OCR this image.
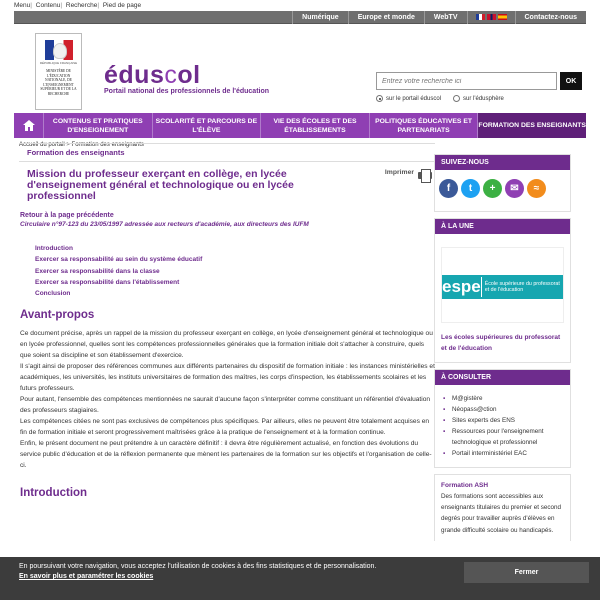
Menu| Contenu| Recherche| Pied de page
Numérique	Europe et monde	WebTV	Contactez-nous
RÉPUBLIQUE FRANÇAISE
MINISTÈRE DE L'ÉDUCATION NATIONALE, DE L'ENSEIGNEMENT SUPÉRIEUR ET DE LA RECHERCHE
éduscol
Portail national des professionnels de l'éducation
Entrez votre recherche ici
OK
sur le portail éduscol	sur l'édusphère
CONTENUS ET PRATIQUES D'ENSEIGNEMENT
SCOLARITÉ ET PARCOURS DE L'ÉLÈVE
VIE DES ÉCOLES ET DES ÉTABLISSEMENTS
POLITIQUES ÉDUCATIVES ET PARTENARIATS
FORMATION DES ENSEIGNANTS
Accueil du portail > Formation des enseignants
Formation des enseignants
Mission du professeur exerçant en collège, en lycée d'enseignement général et technologique ou en lycée professionnel
Imprimer
Retour à la page précédente
Circulaire n°97-123 du 23/05/1997 adressée aux recteurs d'académie, aux directeurs des IUFM
Introduction
Exercer sa responsabilité au sein du système éducatif
Exercer sa responsabilité dans la classe
Exercer sa responsabilité dans l'établissement
Conclusion
Avant-propos
Ce document précise, après un rappel de la mission du professeur exerçant en collège, en lycée d'enseignement général et technologique ou en lycée professionnel, quelles sont les compétences professionnelles générales que la formation initiale doit s'attacher à construire, quels que soient sa discipline et son établissement d'exercice.
Il s'agit ainsi de proposer des références communes aux différents partenaires du dispositif de formation initiale : les instances ministérielles et académiques, les universités, les instituts universitaires de formation des maîtres, les corps d'inspection, les établissements scolaires et les futurs professeurs.
Pour autant, l'ensemble des compétences mentionnées ne saurait d'aucune façon s'interpréter comme constituant un référentiel d'évaluation des professeurs stagiaires.
Les compétences citées ne sont pas exclusives de compétences plus spécifiques. Par ailleurs, elles ne peuvent être totalement acquises en fin de formation initiale et seront progressivement maîtrisées grâce à la pratique de l'enseignement et à la formation continue.
Enfin, le présent document ne peut prétendre à un caractère définitif : il devra être régulièrement actualisé, en fonction des évolutions du service public d'éducation et de la réflexion permanente que mènent les partenaires de la formation sur les objectifs et l'organisation de celle-ci.
Introduction
SUIVEZ-NOUS
f	t	+	✉	≈
À LA UNE
espe École supérieure du professorat et de l'éducation
Les écoles supérieures du professorat et de l'éducation
À CONSULTER
▪ M@gistère
▪ Néopass@ction
▪ Sites experts des ENS
▪ Ressources pour l'enseignement technologique et professionnel
▪ Portail interministériel EAC
Formation ASH
Des formations sont accessibles aux enseignants titulaires du premier et second degrés pour travailler auprès d'élèves en grande difficulté scolaire ou handicapés.
En poursuivant votre navigation, vous acceptez l'utilisation de cookies à des fins statistiques et de personnalisation.
En savoir plus et paramétrer les cookies
Fermer
